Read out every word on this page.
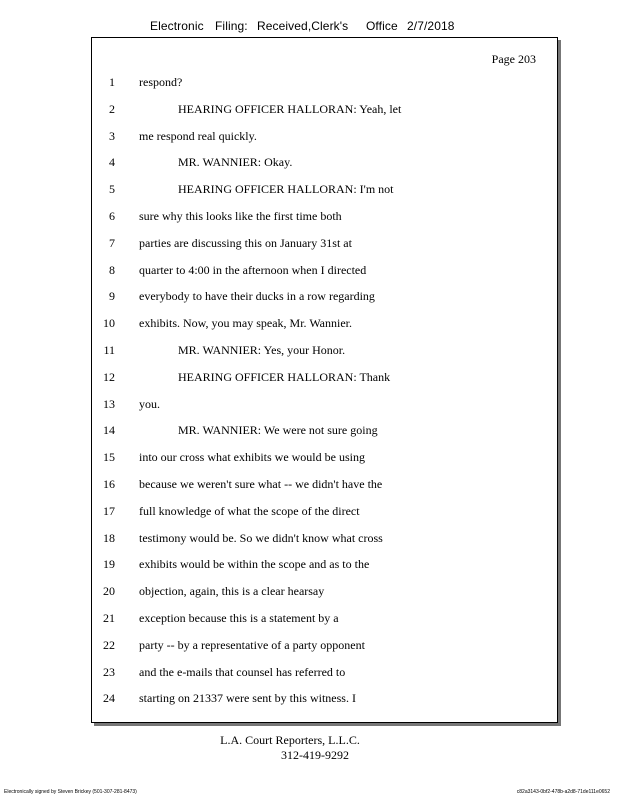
Electronic Filing: Received,Clerk's Office 2/7/2018
Page 203
1 respond?
2	HEARING OFFICER HALLORAN: Yeah, let
3 me respond real quickly.
4	MR. WANNIER: Okay.
5	HEARING OFFICER HALLORAN: I'm not
6 sure why this looks like the first time both
7 parties are discussing this on January 31st at
8 quarter to 4:00 in the afternoon when I directed
9 everybody to have their ducks in a row regarding
10 exhibits. Now, you may speak, Mr. Wannier.
11	MR. WANNIER: Yes, your Honor.
12	HEARING OFFICER HALLORAN: Thank
13 you.
14	MR. WANNIER: We were not sure going
15 into our cross what exhibits we would be using
16 because we weren't sure what -- we didn't have the
17 full knowledge of what the scope of the direct
18 testimony would be. So we didn't know what cross
19 exhibits would be within the scope and as to the
20 objection, again, this is a clear hearsay
21 exception because this is a statement by a
22 party -- by a representative of a party opponent
23 and the e-mails that counsel has referred to
24 starting on 21337 were sent by this witness. I
L.A. Court Reporters, L.L.C.
312-419-9292
Electronically signed by Steven Brickey (501-307-281-8473)	c82a3143-0bf2-478b-a2d8-71de111e0652
